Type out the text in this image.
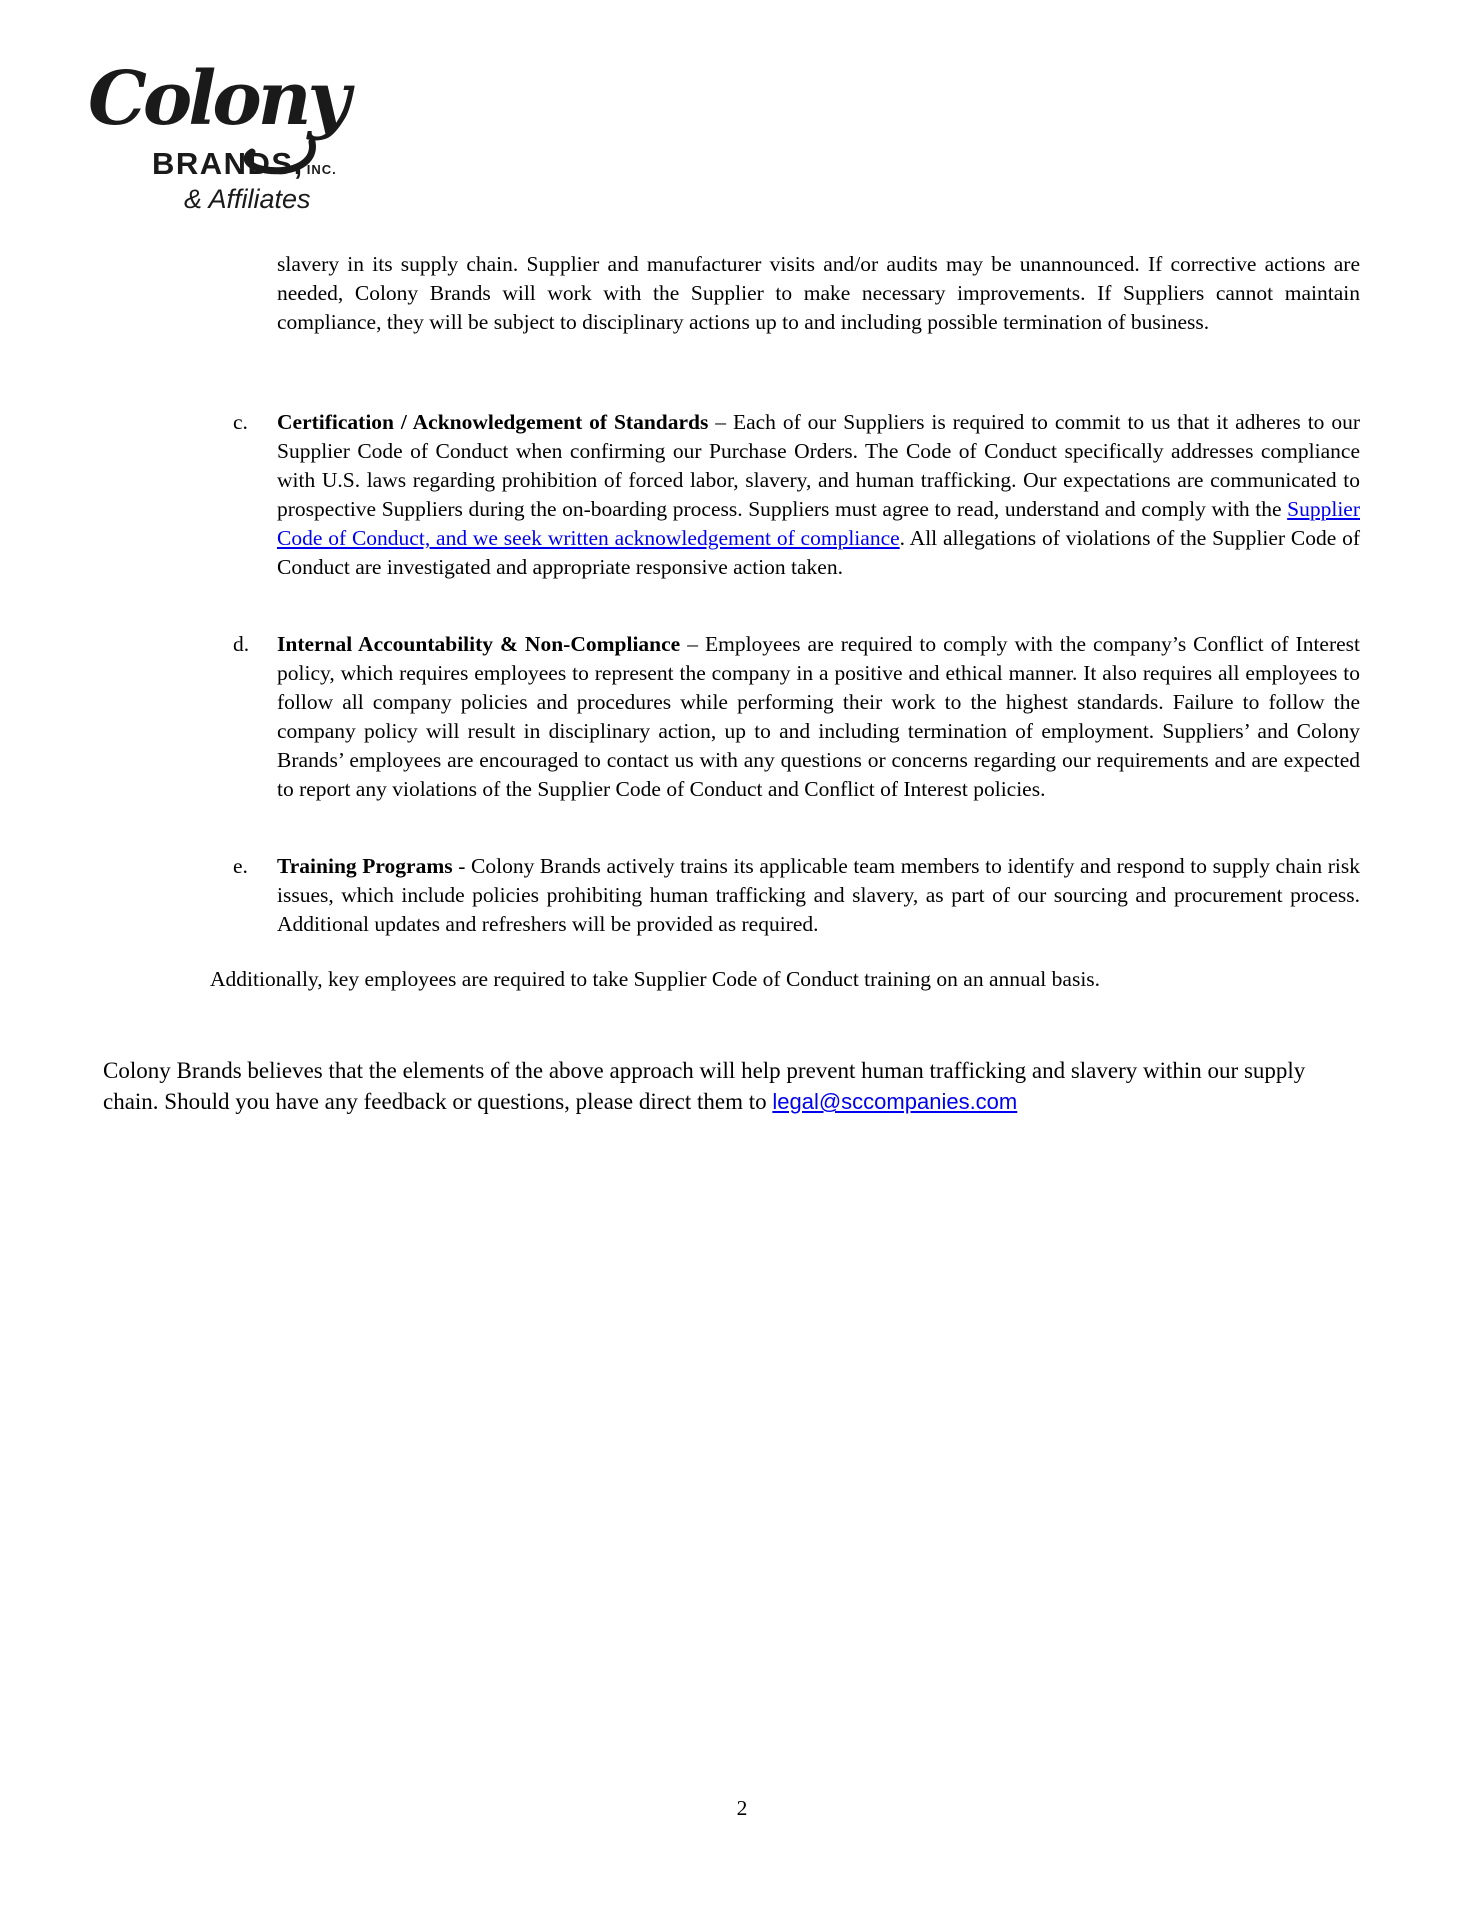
Colony
BRANDS, INC.
& Affiliates
slavery in its supply chain. Supplier and manufacturer visits and/or audits may be unannounced. If corrective actions are needed, Colony Brands will work with the Supplier to make necessary improvements. If Suppliers cannot maintain compliance, they will be subject to disciplinary actions up to and including possible termination of business.
c. Certification / Acknowledgement of Standards – Each of our Suppliers is required to commit to us that it adheres to our Supplier Code of Conduct when confirming our Purchase Orders. The Code of Conduct specifically addresses compliance with U.S. laws regarding prohibition of forced labor, slavery, and human trafficking. Our expectations are communicated to prospective Suppliers during the on-boarding process. Suppliers must agree to read, understand and comply with the Supplier Code of Conduct, and we seek written acknowledgement of compliance. All allegations of violations of the Supplier Code of Conduct are investigated and appropriate responsive action taken.
d. Internal Accountability & Non-Compliance – Employees are required to comply with the company’s Conflict of Interest policy, which requires employees to represent the company in a positive and ethical manner. It also requires all employees to follow all company policies and procedures while performing their work to the highest standards. Failure to follow the company policy will result in disciplinary action, up to and including termination of employment. Suppliers’ and Colony Brands’ employees are encouraged to contact us with any questions or concerns regarding our requirements and are expected to report any violations of the Supplier Code of Conduct and Conflict of Interest policies.
e. Training Programs - Colony Brands actively trains its applicable team members to identify and respond to supply chain risk issues, which include policies prohibiting human trafficking and slavery, as part of our sourcing and procurement process. Additional updates and refreshers will be provided as required.
Additionally, key employees are required to take Supplier Code of Conduct training on an annual basis.
Colony Brands believes that the elements of the above approach will help prevent human trafficking and slavery within our supply chain. Should you have any feedback or questions, please direct them to legal@sccompanies.com
2
